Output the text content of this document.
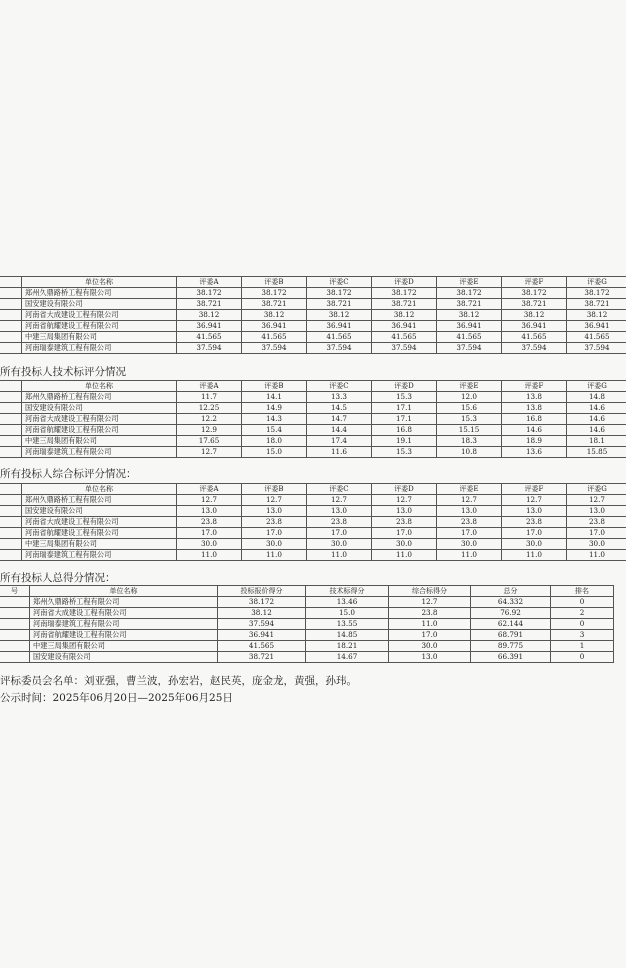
	单位名称	评委A	评委B	评委C	评委D	评委E	评委F	评委G
	郑州久鼎路桥工程有限公司	38.172	38.172	38.172	38.172	38.172	38.172	38.172
	国安建设有限公司	38.721	38.721	38.721	38.721	38.721	38.721	38.721
	河南省大成建设工程有限公司	38.12	38.12	38.12	38.12	38.12	38.12	38.12
	河南省航耀建设工程有限公司	36.941	36.941	36.941	36.941	36.941	36.941	36.941
	中建三局集团有限公司	41.565	41.565	41.565	41.565	41.565	41.565	41.565
	河南瑞泰建筑工程有限公司	37.594	37.594	37.594	37.594	37.594	37.594	37.594
所有投标人技术标评分情况
	单位名称	评委A	评委B	评委C	评委D	评委E	评委F	评委G
	郑州久鼎路桥工程有限公司	11.7	14.1	13.3	15.3	12.0	13.8	14.8
	国安建设有限公司	12.25	14.9	14.5	17.1	15.6	13.8	14.6
	河南省大成建设工程有限公司	12.2	14.3	14.7	17.1	15.3	16.8	14.6
	河南省航耀建设工程有限公司	12.9	15.4	14.4	16.8	15.15	14.6	14.6
	中建三局集团有限公司	17.65	18.0	17.4	19.1	18.3	18.9	18.1
	河南瑞泰建筑工程有限公司	12.7	15.0	11.6	15.3	10.8	13.6	15.85
所有投标人综合标评分情况：
	单位名称	评委A	评委B	评委C	评委D	评委E	评委F	评委G
	郑州久鼎路桥工程有限公司	12.7	12.7	12.7	12.7	12.7	12.7	12.7
	国安建设有限公司	13.0	13.0	13.0	13.0	13.0	13.0	13.0
	河南省大成建设工程有限公司	23.8	23.8	23.8	23.8	23.8	23.8	23.8
	河南省航耀建设工程有限公司	17.0	17.0	17.0	17.0	17.0	17.0	17.0
	中建三局集团有限公司	30.0	30.0	30.0	30.0	30.0	30.0	30.0
	河南瑞泰建筑工程有限公司	11.0	11.0	11.0	11.0	11.0	11.0	11.0
所有投标人总得分情况：
号	单位名称	投标报价得分	技术标得分	综合标得分	总分	排名
	郑州久鼎路桥工程有限公司	38.172	13.46	12.7	64.332	0
	河南省大成建设工程有限公司	38.12	15.0	23.8	76.92	2
	河南瑞泰建筑工程有限公司	37.594	13.55	11.0	62.144	0
	河南省航耀建设工程有限公司	36.941	14.85	17.0	68.791	3
	中建三局集团有限公司	41.565	18.21	30.0	89.775	1
	国安建设有限公司	38.721	14.67	13.0	66.391	0
评标委员会名单：刘亚强，曹兰波，孙宏岩，赵民英，庞金龙，黄强，孙玮。
公示时间：2025年06月20日—2025年06月25日
